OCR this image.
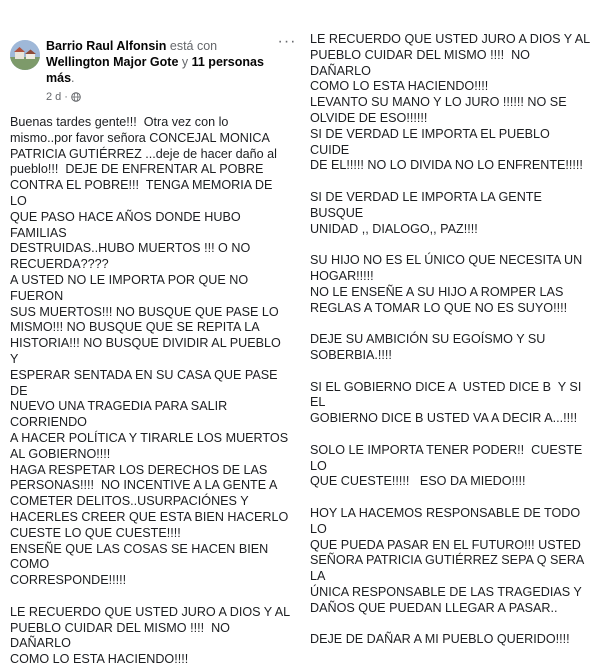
Barrio Raul Alfonsin está con Wellington Major Gote y 11 personas más.
···
2 d ·

Buenas tardes gente!!!  Otra vez con lo
mismo..por favor señora CONCEJAL MONICA
PATRICIA GUTIÉRREZ ...deje de hacer daño al
pueblo!!!  DEJE DE ENFRENTAR AL POBRE
CONTRA EL POBRE!!!  TENGA MEMORIA DE LO
QUE PASO HACE AÑOS DONDE HUBO FAMILIAS
DESTRUIDAS..HUBO MUERTOS !!! O NO
RECUERDA????
A USTED NO LE IMPORTA POR QUE NO FUERON
SUS MUERTOS!!! NO BUSQUE QUE PASE LO
MISMO!!! NO BUSQUE QUE SE REPITA LA
HISTORIA!!! NO BUSQUE DIVIDIR AL PUEBLO Y
ESPERAR SENTADA EN SU CASA QUE PASE DE
NUEVO UNA TRAGEDIA PARA SALIR CORRIENDO
A HACER POLÍTICA Y TIRARLE LOS MUERTOS
AL GOBIERNO!!!!
HAGA RESPETAR LOS DERECHOS DE LAS
PERSONAS!!!!  NO INCENTIVE A LA GENTE A
COMETER DELITOS..USURPACIÓNES Y
HACERLES CREER QUE ESTA BIEN HACERLO
CUESTE LO QUE CUESTE!!!!
ENSEÑE QUE LAS COSAS SE HACEN BIEN COMO
CORRESPONDE!!!!!

LE RECUERDO QUE USTED JURO A DIOS Y AL
PUEBLO CUIDAR DEL MISMO !!!!  NO DAÑARLO
COMO LO ESTA HACIENDO!!!!

LE RECUERDO QUE USTED JURO A DIOS Y AL
PUEBLO CUIDAR DEL MISMO !!!!  NO DAÑARLO
COMO LO ESTA HACIENDO!!!!
LEVANTO SU MANO Y LO JURO !!!!!! NO SE
OLVIDE DE ESO!!!!!!
SI DE VERDAD LE IMPORTA EL PUEBLO CUIDE
DE EL!!!!! NO LO DIVIDA NO LO ENFRENTE!!!!!

SI DE VERDAD LE IMPORTA LA GENTE BUSQUE
UNIDAD ,, DIALOGO,, PAZ!!!!

SU HIJO NO ES EL ÚNICO QUE NECESITA UN
HOGAR!!!!!
NO LE ENSEÑE A SU HIJO A ROMPER LAS
REGLAS A TOMAR LO QUE NO ES SUYO!!!!

DEJE SU AMBICIÓN SU EGOÍSMO Y SU
SOBERBIA.!!!!

SI EL GOBIERNO DICE A  USTED DICE B  Y SI EL
GOBIERNO DICE B USTED VA A DECIR A...!!!!

SOLO LE IMPORTA TENER PODER!!  CUESTE LO
QUE CUESTE!!!!!   ESO DA MIEDO!!!!

HOY LA HACEMOS RESPONSABLE DE TODO LO
QUE PUEDA PASAR EN EL FUTURO!!! USTED
SEÑORA PATRICIA GUTIÉRREZ SEPA Q SERA LA
ÚNICA RESPONSABLE DE LAS TRAGEDIAS Y
DAÑOS QUE PUEDAN LLEGAR A PASAR..

DEJE DE DAÑAR A MI PUEBLO QUERIDO!!!!
